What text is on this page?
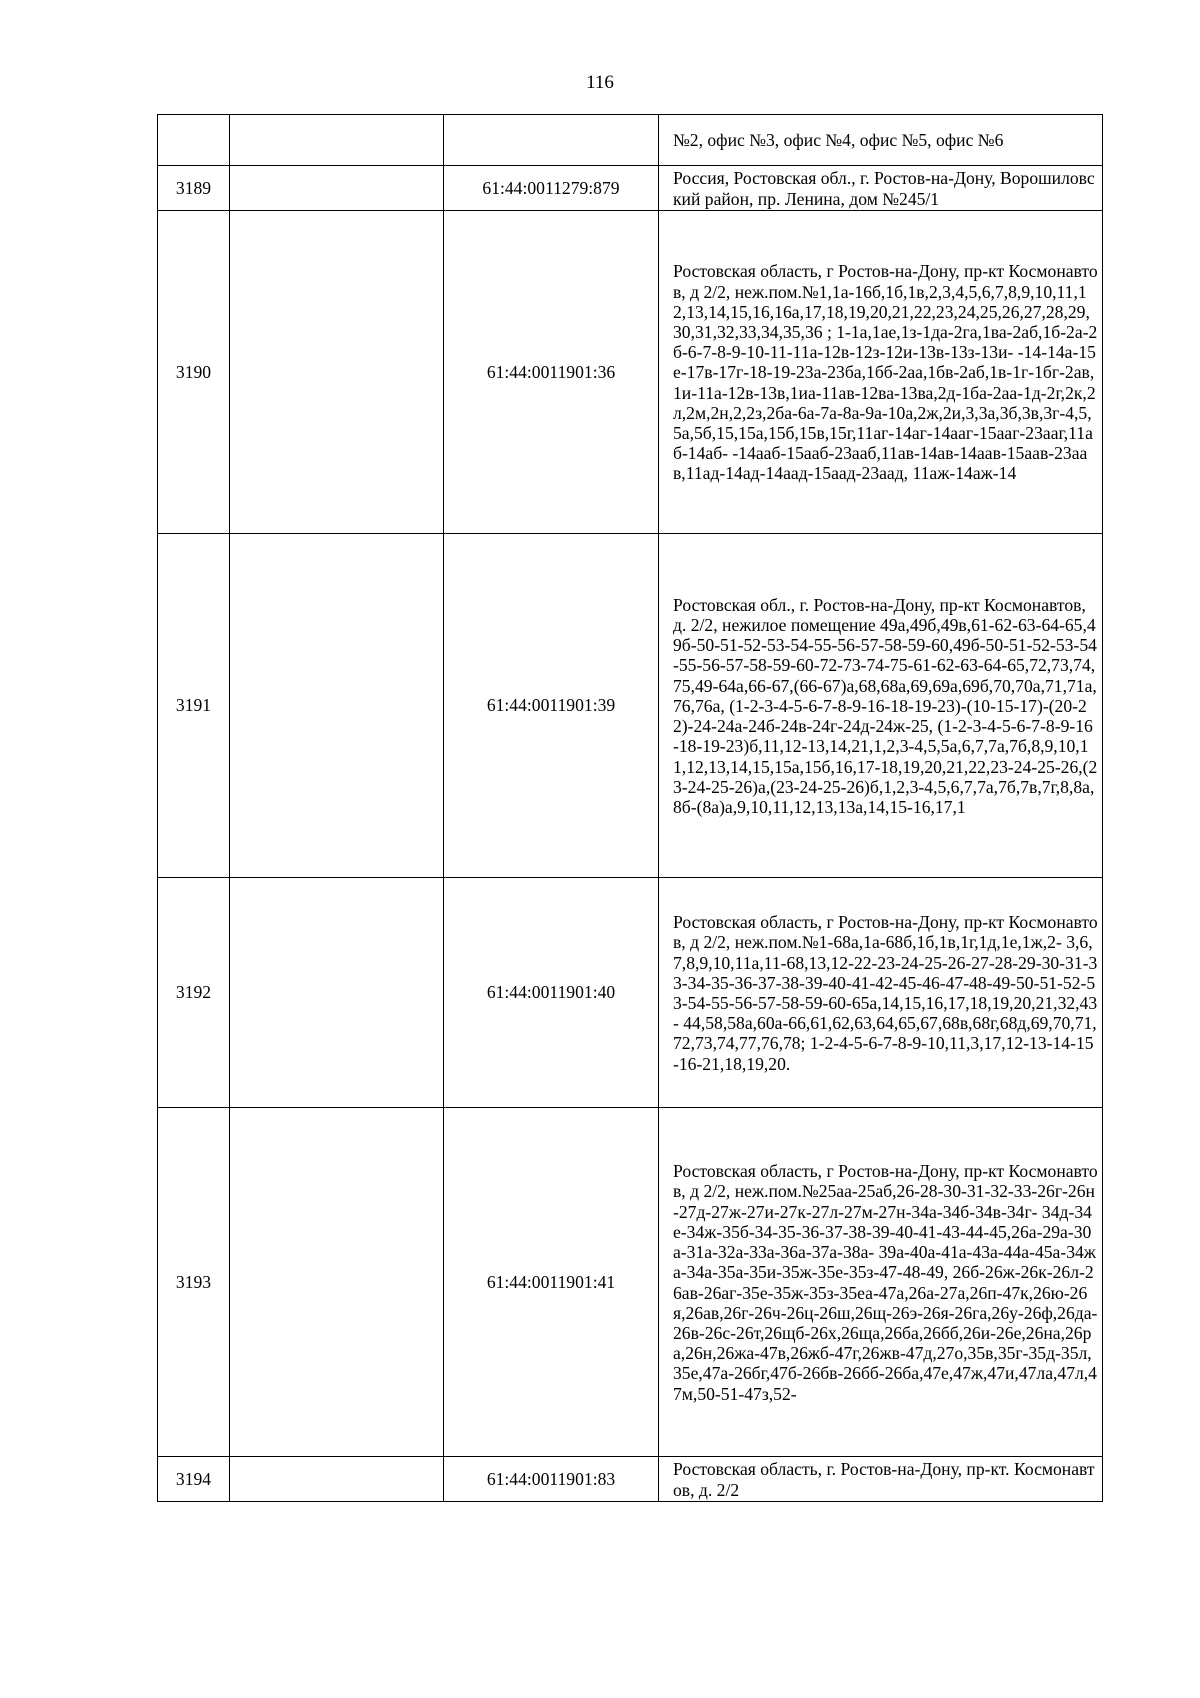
116
			№2, офис №3, офис №4, офис №5, офис №6
3189		61:44:0011279:879	Россия, Ростовская обл., г. Ростов-на-Дону, Ворошиловский район, пр. Ленина, дом №245/1
3190		61:44:0011901:36	Ростовская область, г Ростов-на-Дону, пр-кт Космонавтов, д 2/2, неж.пом.№1,1а-16б,1б,1в,2,3,4,5,6,7,8,9,10,11,12,13,14,15,16,16а,17,18,19,20,21,22,23,24,25,26,27,28,29,30,31,32,33,34,35,36 ; 1-1а,1ае,1з-1да-2га,1ва-2аб,1б-2а-2б-6-7-8-9-10-11-11а-12в-12з-12и-13в-13з-13и- -14-14а-15е-17в-17г-18-19-23а-23ба,1бб-2аа,1бв-2аб,1в-1г-1бг-2ав,1и-11а-12в-13в,1иа-11ав-12ва-13ва,2д-1ба-2аа-1д-2г,2к,2л,2м,2н,2,2з,2ба-6а-7а-8а-9а-10а,2ж,2и,3,3а,3б,3в,3г-4,5,5а,5б,15,15а,15б,15в,15г,11аг-14аг-14ааг-15ааг-23ааг,11аб-14аб- -14ааб-15ааб-23ааб,11ав-14ав-14аав-15аав-23аав,11ад-14ад-14аад-15аад-23аад, 11аж-14аж-14
3191		61:44:0011901:39	Ростовская обл., г. Ростов-на-Дону, пр-кт Космонавтов, д. 2/2, нежилое помещение 49а,49б,49в,61-62-63-64-65,49б-50-51-52-53-54-55-56-57-58-59-60,49б-50-51-52-53-54-55-56-57-58-59-60-72-73-74-75-61-62-63-64-65,72,73,74,75,49-64а,66-67,(66-67)а,68,68а,69,69а,69б,70,70а,71,71а,76,76а, (1-2-3-4-5-6-7-8-9-16-18-19-23)-(10-15-17)-(20-22)-24-24а-24б-24в-24г-24д-24ж-25, (1-2-3-4-5-6-7-8-9-16-18-19-23)б,11,12-13,14,21,1,2,3-4,5,5а,6,7,7а,7б,8,9,10,11,12,13,14,15,15а,15б,16,17-18,19,20,21,22,23-24-25-26,(23-24-25-26)а,(23-24-25-26)б,1,2,3-4,5,6,7,7а,7б,7в,7г,8,8а,8б-(8а)а,9,10,11,12,13,13а,14,15-16,17,1
3192		61:44:0011901:40	Ростовская область, г Ростов-на-Дону, пр-кт Космонавтов, д 2/2, неж.пом.№1-68а,1а-68б,1б,1в,1г,1д,1е,1ж,2- 3,6,7,8,9,10,11а,11-68,13,12-22-23-24-25-26-27-28-29-30-31-33-34-35-36-37-38-39-40-41-42-45-46-47-48-49-50-51-52-53-54-55-56-57-58-59-60-65а,14,15,16,17,18,19,20,21,32,43- 44,58,58а,60а-66,61,62,63,64,65,67,68в,68г,68д,69,70,71,72,73,74,77,76,78; 1-2-4-5-6-7-8-9-10,11,3,17,12-13-14-15-16-21,18,19,20.
3193		61:44:0011901:41	Ростовская область, г Ростов-на-Дону, пр-кт Космонавтов, д 2/2, неж.пом.№25аа-25аб,26-28-30-31-32-33-26г-26н-27д-27ж-27и-27к-27л-27м-27н-34а-34б-34в-34г- 34д-34е-34ж-35б-34-35-36-37-38-39-40-41-43-44-45,26а-29а-30а-31а-32а-33а-36а-37а-38а- 39а-40а-41а-43а-44а-45а-34жа-34а-35а-35и-35ж-35е-35з-47-48-49, 26б-26ж-26к-26л-26ав-26аг-35е-35ж-35з-35еа-47а,26а-27а,26п-47к,26ю-26я,26ав,26г-26ч-26ц-26ш,26щ-26э-26я-26га,26у-26ф,26да-26в-26с-26т,26щб-26х,26ща,26ба,26бб,26и-26е,26на,26ра,26н,26жа-47в,26жб-47г,26жв-47д,27о,35в,35г-35д-35л,35е,47а-26бг,47б-26бв-26бб-26ба,47е,47ж,47и,47ла,47л,47м,50-51-47з,52-
3194		61:44:0011901:83	Ростовская область, г. Ростов-на-Дону, пр-кт. Космонавтов, д. 2/2
